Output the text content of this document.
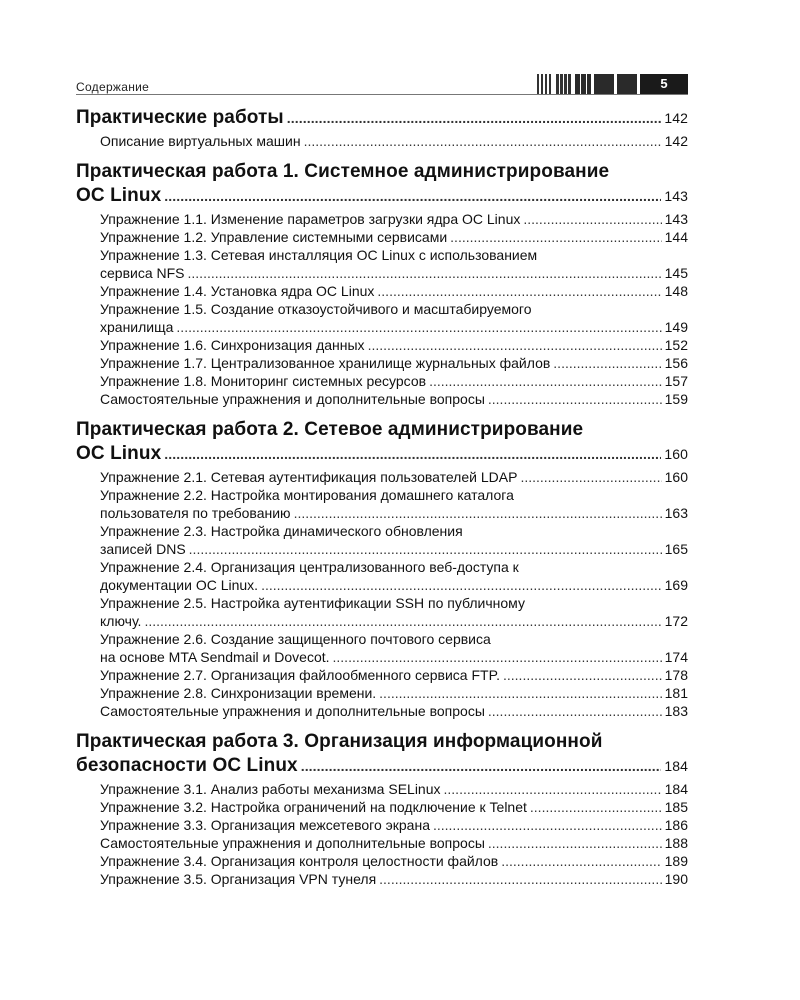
Содержание	5
Практические работы .....	142
Описание виртуальных машин .....	142
Практическая работа 1. Системное администрирование
ОС Linux .....	143
Упражнение 1.1. Изменение параметров загрузки ядра ОС Linux .....	143
Упражнение 1.2. Управление системными сервисами .....	144
Упражнение 1.3. Сетевая инсталляция ОС Linux с использованием
сервиса NFS .....	145
Упражнение 1.4. Установка ядра ОС Linux .....	148
Упражнение 1.5. Создание отказоустойчивого и масштабируемого
хранилища .....	149
Упражнение 1.6. Синхронизация данных .....	152
Упражнение 1.7. Централизованное хранилище журнальных файлов .....	156
Упражнение 1.8. Мониторинг системных ресурсов .....	157
Самостоятельные упражнения и дополнительные вопросы .....	159
Практическая работа 2. Сетевое администрирование
ОС Linux .....	160
Упражнение 2.1. Сетевая аутентификация пользователей LDAP .....	160
Упражнение 2.2. Настройка монтирования домашнего каталога
пользователя по требованию .....	163
Упражнение 2.3. Настройка динамического обновления
записей DNS .....	165
Упражнение 2.4. Организация централизованного веб-доступа к
документации ОС Linux. .....	169
Упражнение 2.5. Настройка аутентификации SSH по публичному
ключу. .....	172
Упражнение 2.6. Создание защищенного почтового сервиса
на основе MTA Sendmail и Dovecot. .....	174
Упражнение 2.7. Организация файлообменного сервиса FTP. .....	178
Упражнение 2.8. Синхронизации времени. .....	181
Самостоятельные упражнения и дополнительные вопросы .....	183
Практическая работа 3. Организация информационной
безопасности ОС Linux .....	184
Упражнение 3.1. Анализ работы механизма SELinux .....	184
Упражнение 3.2. Настройка ограничений на подключение к Telnet .....	185
Упражнение 3.3. Организация межсетевого экрана .....	186
Самостоятельные упражнения и дополнительные вопросы .....	188
Упражнение 3.4. Организация контроля целостности файлов .....	189
Упражнение 3.5. Организация VPN тунеля .....	190
